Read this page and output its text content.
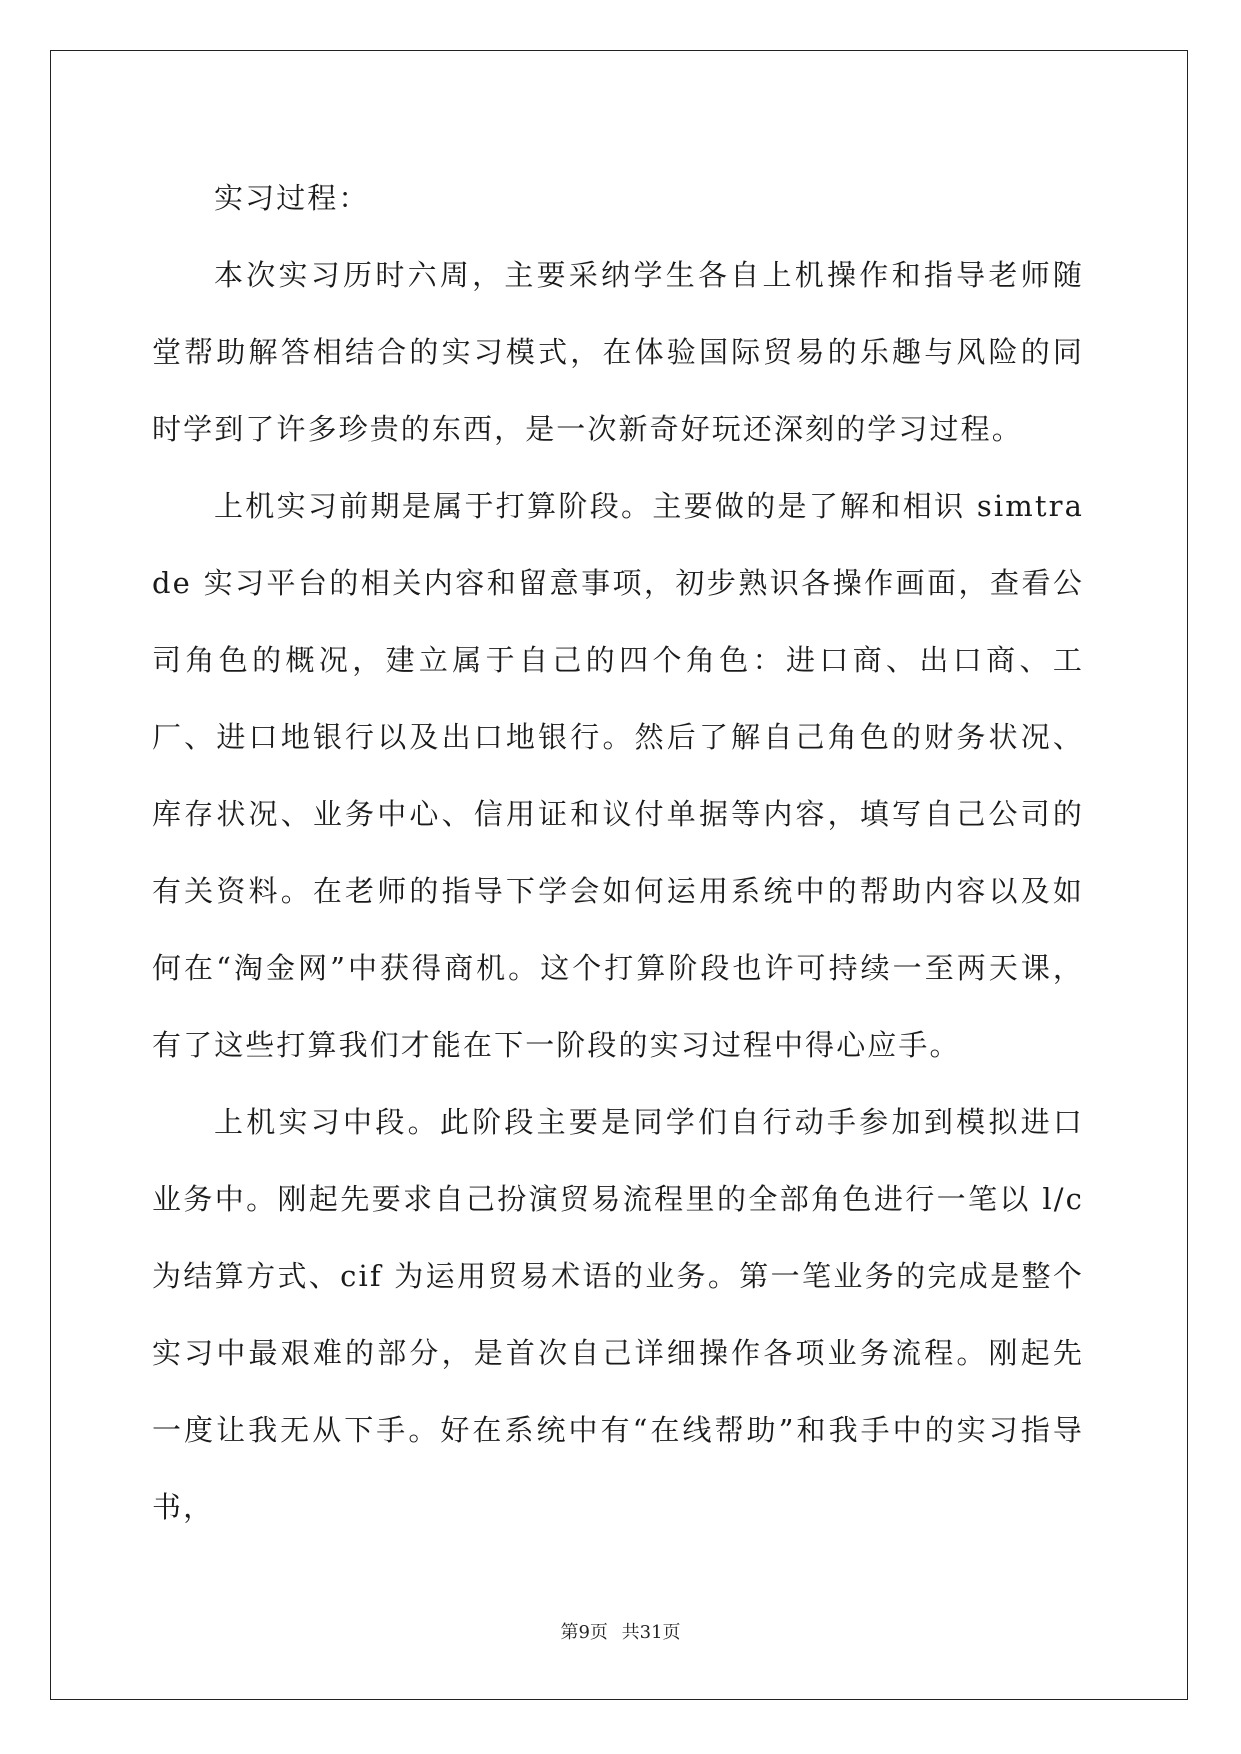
实习过程：

本次实习历时六周，主要采纳学生各自上机操作和指导老师随堂帮助解答相结合的实习模式，在体验国际贸易的乐趣与风险的同时学到了许多珍贵的东西，是一次新奇好玩还深刻的学习过程。

上机实习前期是属于打算阶段。主要做的是了解和相识 simtrade 实习平台的相关内容和留意事项，初步熟识各操作画面，查看公司角色的概况，建立属于自己的四个角色：进口商、出口商、工厂、进口地银行以及出口地银行。然后了解自己角色的财务状况、库存状况、业务中心、信用证和议付单据等内容，填写自己公司的有关资料。在老师的指导下学会如何运用系统中的帮助内容以及如何在“淘金网”中获得商机。这个打算阶段也许可持续一至两天课，有了这些打算我们才能在下一阶段的实习过程中得心应手。

上机实习中段。此阶段主要是同学们自行动手参加到模拟进口业务中。刚起先要求自己扮演贸易流程里的全部角色进行一笔以 l/c 为结算方式、cif 为运用贸易术语的业务。第一笔业务的完成是整个实习中最艰难的部分，是首次自己详细操作各项业务流程。刚起先一度让我无从下手。好在系统中有“在线帮助”和我手中的实习指导书，

第9页 共31页
